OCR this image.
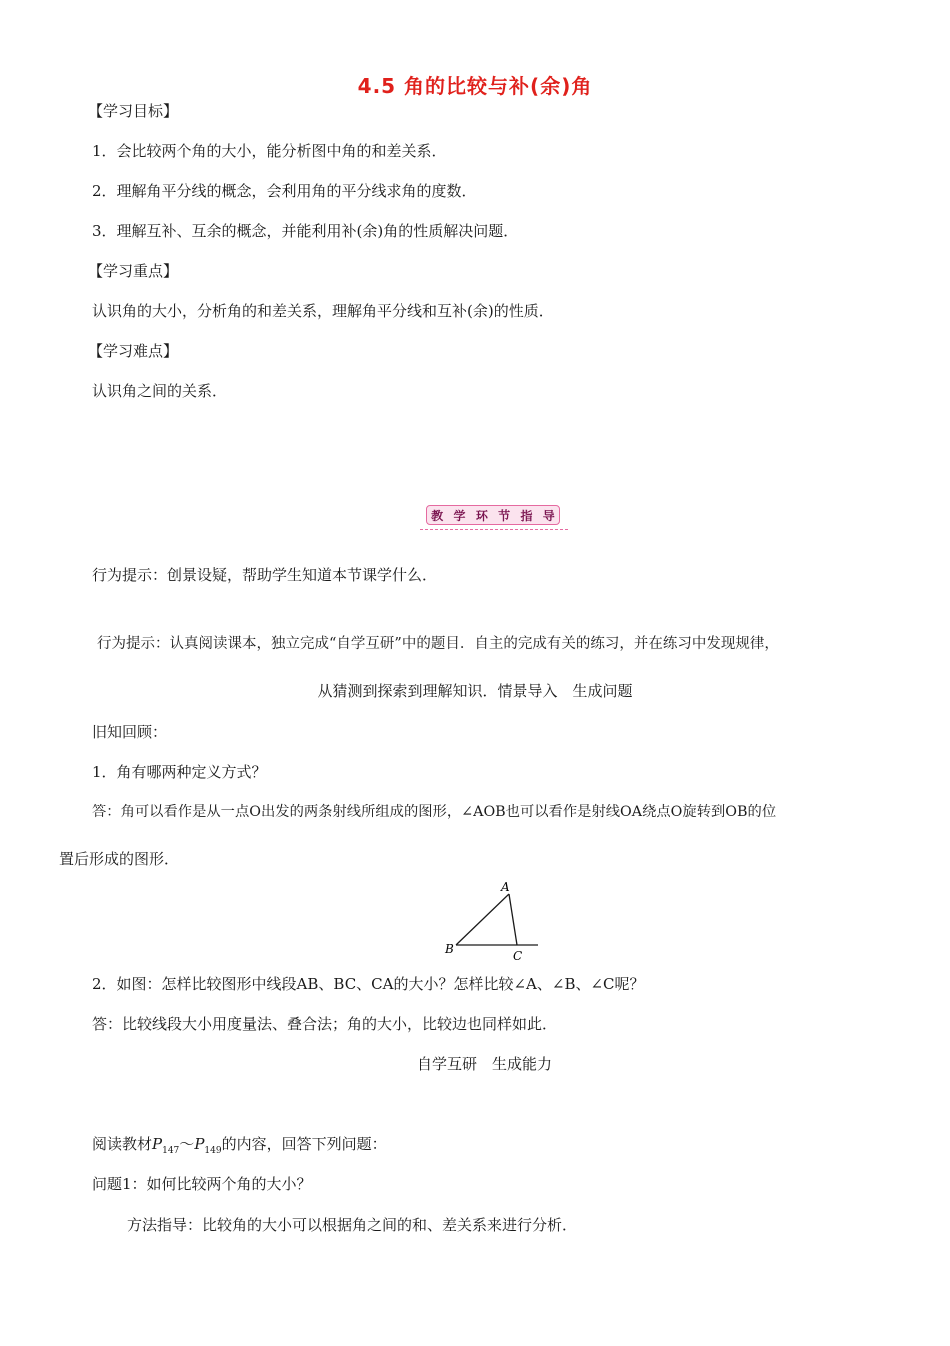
4.5 角的比较与补(余)角
【学习目标】
1．会比较两个角的大小，能分析图中角的和差关系．
2．理解角平分线的概念，会利用角的平分线求角的度数．
3．理解互补、互余的概念，并能利用补(余)角的性质解决问题．
【学习重点】
认识角的大小，分析角的和差关系，理解角平分线和互补(余)的性质．
【学习难点】
认识角之间的关系．
教 学 环 节 指 导
行为提示：创景设疑，帮助学生知道本节课学什么．
行为提示：认真阅读课本，独立完成“自学互研”中的题目．自主的完成有关的练习，并在练习中发现规律，
从猜测到探索到理解知识．情景导入　生成问题
旧知回顾：
1．角有哪两种定义方式？
答：角可以看作是从一点O出发的两条射线所组成的图形，∠AOB也可以看作是射线OA绕点O旋转到OB的位
置后形成的图形．
A
B	C
2．如图：怎样比较图形中线段AB、BC、CA的大小？怎样比较∠A、∠B、∠C呢？
答：比较线段大小用度量法、叠合法；角的大小，比较边也同样如此．
自学互研　生成能力
阅读教材$P_{147}\sim P_{149}$的内容，回答下列问题：
问题1：如何比较两个角的大小？
方法指导：比较角的大小可以根据角之间的和、差关系来进行分析．
